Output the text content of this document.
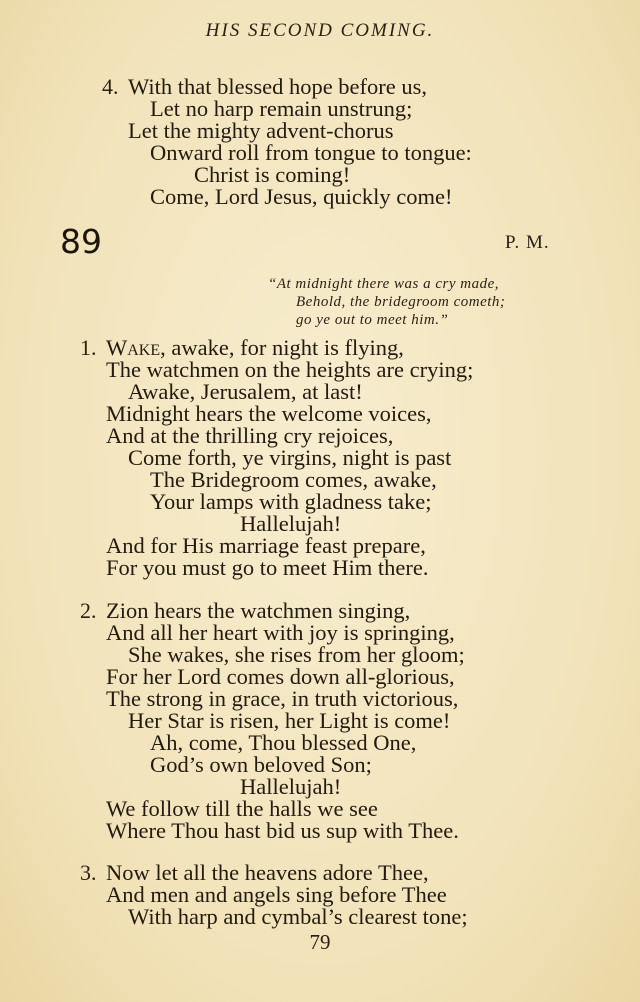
HIS SECOND COMING.
4. With that blessed hope before us,
Let no harp remain unstrung;
Let the mighty advent-chorus
Onward roll from tongue to tongue:
Christ is coming!
Come, Lord Jesus, quickly come!
89	P. M.
“At midnight there was a cry made,
Behold, the bridegroom cometh;
go ye out to meet him.”
1. Wake, awake, for night is flying,
The watchmen on the heights are crying;
Awake, Jerusalem, at last!
Midnight hears the welcome voices,
And at the thrilling cry rejoices,
Come forth, ye virgins, night is past
The Bridegroom comes, awake,
Your lamps with gladness take;
Hallelujah!
And for His marriage feast prepare,
For you must go to meet Him there.
2. Zion hears the watchmen singing,
And all her heart with joy is springing,
She wakes, she rises from her gloom;
For her Lord comes down all-glorious,
The strong in grace, in truth victorious,
Her Star is risen, her Light is come!
Ah, come, Thou blessed One,
God’s own beloved Son;
Hallelujah!
We follow till the halls we see
Where Thou hast bid us sup with Thee.
3. Now let all the heavens adore Thee,
And men and angels sing before Thee
With harp and cymbal’s clearest tone;
79
